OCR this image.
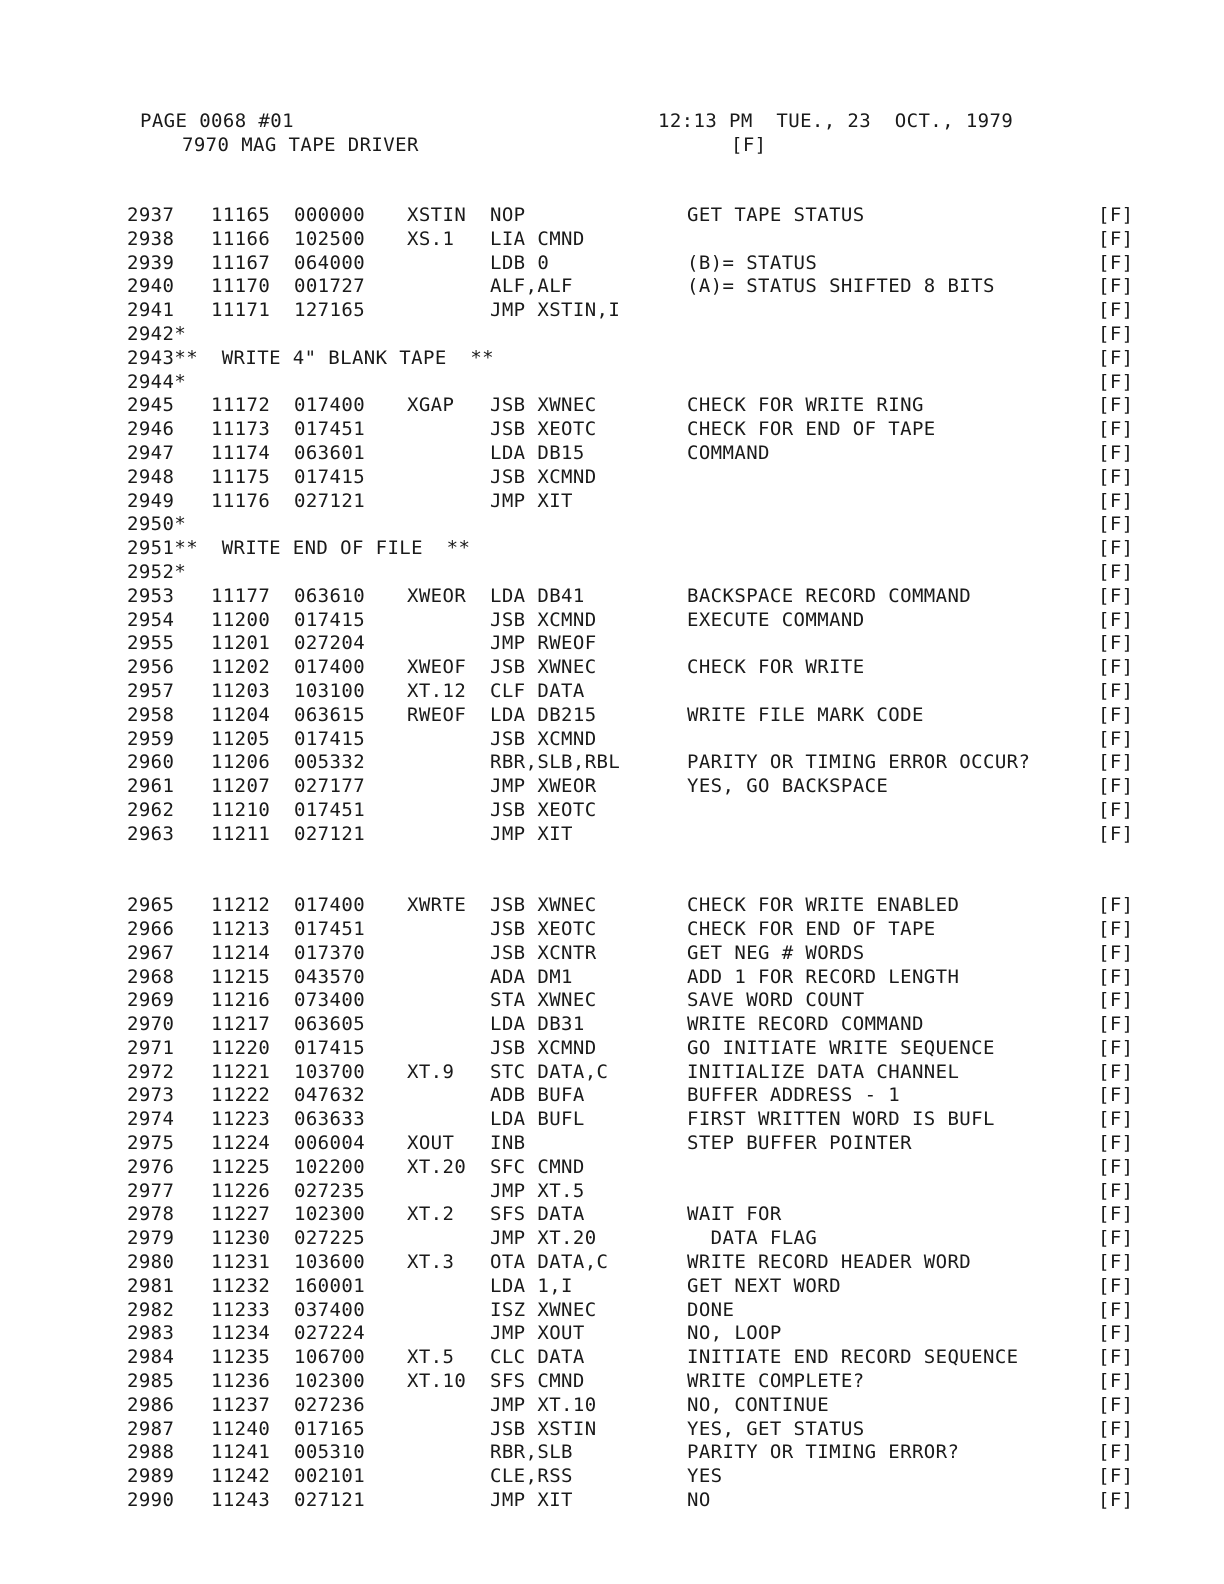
PAGE 0068 #01
7970 MAG TAPE DRIVER
12:13 PM  TUE., 23  OCT., 1979
[F]
2937 11165 000000 XSTIN NOP	GET TAPE STATUS	[F]
2938 11166 102500 XS.1 LIA CMND	[F]
2939 11167 064000	LDB 0	(B)= STATUS	[F]
2940 11170 001727	ALF,ALF	(A)= STATUS SHIFTED 8 BITS	[F]
2941 11171 127165	JMP XSTIN,I	[F]
2942*	[F]
2943**  WRITE 4" BLANK TAPE  **	[F]
2944*	[F]
2945 11172 017400 XGAP JSB XWNEC	CHECK FOR WRITE RING	[F]
2946 11173 017451	JSB XEOTC	CHECK FOR END OF TAPE	[F]
2947 11174 063601	LDA DB15	COMMAND	[F]
2948 11175 017415	JSB XCMND	[F]
2949 11176 027121	JMP XIT	[F]
2950*	[F]
2951**  WRITE END OF FILE  **	[F]
2952*	[F]
2953 11177 063610 XWEOR LDA DB41	BACKSPACE RECORD COMMAND	[F]
2954 11200 017415	JSB XCMND	EXECUTE COMMAND	[F]
2955 11201 027204	JMP RWEOF	[F]
2956 11202 017400 XWEOF JSB XWNEC	CHECK FOR WRITE	[F]
2957 11203 103100 XT.12 CLF DATA	[F]
2958 11204 063615 RWEOF LDA DB215	WRITE FILE MARK CODE	[F]
2959 11205 017415	JSB XCMND	[F]
2960 11206 005332	RBR,SLB,RBL	PARITY OR TIMING ERROR OCCUR?	[F]
2961 11207 027177	JMP XWEOR	YES, GO BACKSPACE	[F]
2962 11210 017451	JSB XEOTC	[F]
2963 11211 027121	JMP XIT	[F]
2965 11212 017400 XWRTE JSB XWNEC	CHECK FOR WRITE ENABLED	[F]
2966 11213 017451	JSB XEOTC	CHECK FOR END OF TAPE	[F]
2967 11214 017370	JSB XCNTR	GET NEG # WORDS	[F]
2968 11215 043570	ADA DM1	ADD 1 FOR RECORD LENGTH	[F]
2969 11216 073400	STA XWNEC	SAVE WORD COUNT	[F]
2970 11217 063605	LDA DB31	WRITE RECORD COMMAND	[F]
2971 11220 017415	JSB XCMND	GO INITIATE WRITE SEQUENCE	[F]
2972 11221 103700 XT.9 STC DATA,C	INITIALIZE DATA CHANNEL	[F]
2973 11222 047632	ADB BUFA	BUFFER ADDRESS - 1	[F]
2974 11223 063633	LDA BUFL	FIRST WRITTEN WORD IS BUFL	[F]
2975 11224 006004 XOUT INB	STEP BUFFER POINTER	[F]
2976 11225 102200 XT.20 SFC CMND	[F]
2977 11226 027235	JMP XT.5	[F]
2978 11227 102300 XT.2 SFS DATA	WAIT FOR	[F]
2979 11230 027225	JMP XT.20	DATA FLAG	[F]
2980 11231 103600 XT.3 OTA DATA,C	WRITE RECORD HEADER WORD	[F]
2981 11232 160001	LDA 1,I	GET NEXT WORD	[F]
2982 11233 037400	ISZ XWNEC	DONE	[F]
2983 11234 027224	JMP XOUT	NO, LOOP	[F]
2984 11235 106700 XT.5 CLC DATA	INITIATE END RECORD SEQUENCE	[F]
2985 11236 102300 XT.10 SFS CMND	WRITE COMPLETE?	[F]
2986 11237 027236	JMP XT.10	NO, CONTINUE	[F]
2987 11240 017165	JSB XSTIN	YES, GET STATUS	[F]
2988 11241 005310	RBR,SLB	PARITY OR TIMING ERROR?	[F]
2989 11242 002101	CLE,RSS	YES	[F]
2990 11243 027121	JMP XIT	NO	[F]
